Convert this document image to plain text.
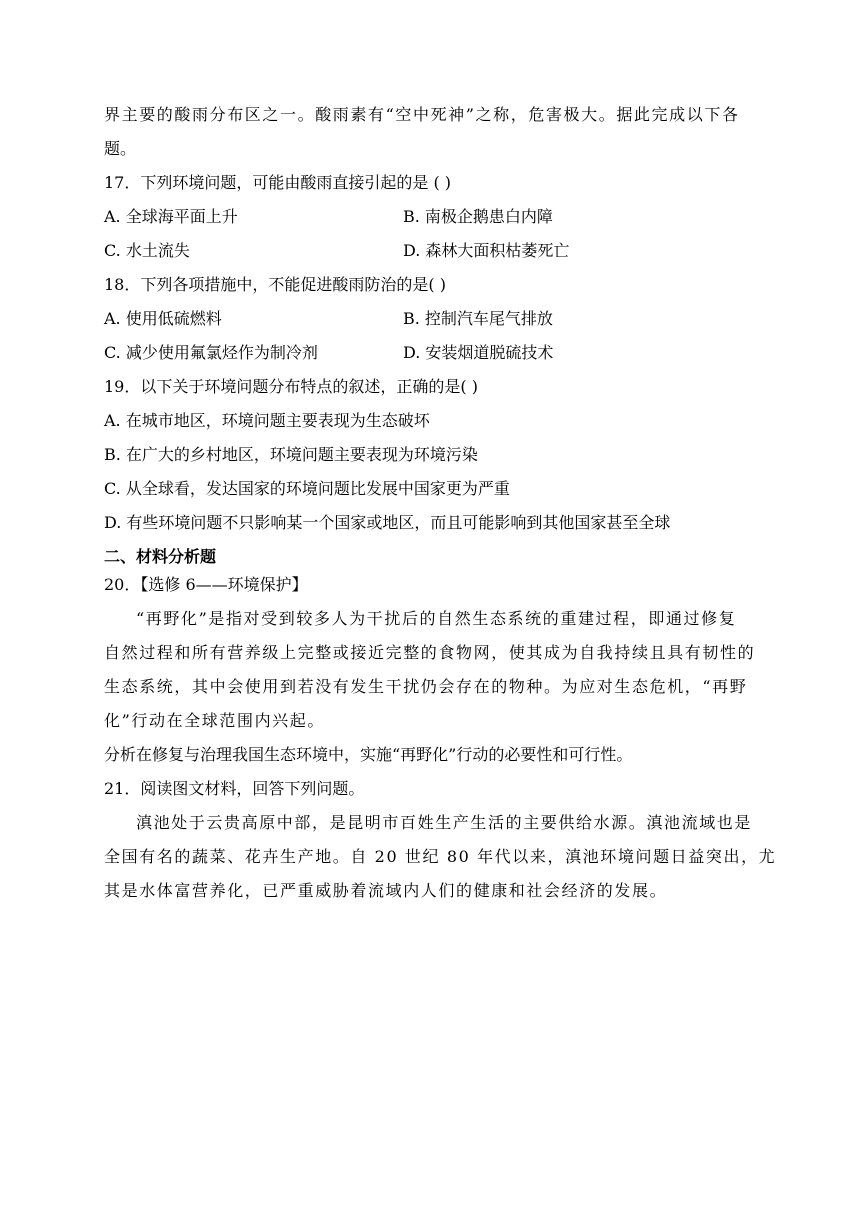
界主要的酸雨分布区之一。酸雨素有“空中死神”之称，危害极大。据此完成以下各
题。
17．下列环境问题，可能由酸雨直接引起的是 ( )
A. 全球海平面上升	B. 南极企鹅患白内障
C. 水土流失	D. 森林大面积枯萎死亡
18．下列各项措施中，不能促进酸雨防治的是( )
A. 使用低硫燃料	B. 控制汽车尾气排放
C. 减少使用氟氯烃作为制冷剂	D. 安装烟道脱硫技术
19．以下关于环境问题分布特点的叙述，正确的是( )
A. 在城市地区，环境问题主要表现为生态破坏
B. 在广大的乡村地区，环境问题主要表现为环境污染
C. 从全球看，发达国家的环境问题比发展中国家更为严重
D. 有些环境问题不只影响某一个国家或地区，而且可能影响到其他国家甚至全球
二、材料分析题
20．【选修 6——环境保护】
“再野化”是指对受到较多人为干扰后的自然生态系统的重建过程，即通过修复
自然过程和所有营养级上完整或接近完整的食物网，使其成为自我持续且具有韧性的
生态系统，其中会使用到若没有发生干扰仍会存在的物种。为应对生态危机，“再野
化”行动在全球范围内兴起。
分析在修复与治理我国生态环境中，实施“再野化”行动的必要性和可行性。
21．阅读图文材料，回答下列问题。
滇池处于云贵高原中部，是昆明市百姓生产生活的主要供给水源。滇池流域也是
全国有名的蔬菜、花卉生产地。自 20 世纪 80 年代以来，滇池环境问题日益突出，尤
其是水体富营养化，已严重威胁着流域内人们的健康和社会经济的发展。
